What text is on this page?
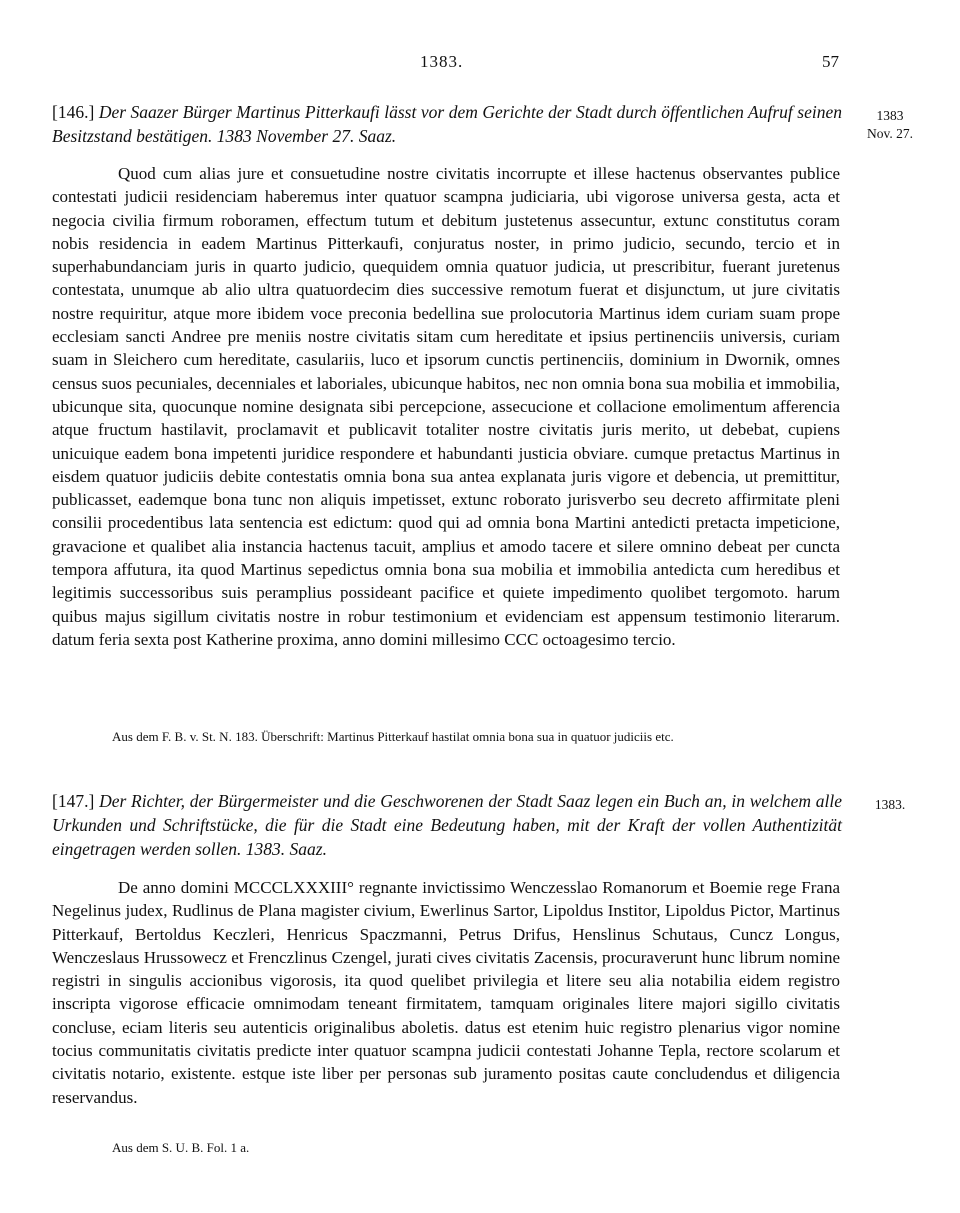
1383.	57
[146.] Der Saazer Bürger Martinus Pitterkaufi lässt vor dem Gerichte der Stadt durch öffentlichen Aufruf seinen Besitzstand bestätigen. 1383 November 27. Saaz.
1383
Nov. 27.
Quod cum alias jure et consuetudine nostre civitatis incorrupte et illese hactenus observantes publice contestati judicii residenciam haberemus inter quatuor scampna judiciaria, ubi vigorose universa gesta, acta et negocia civilia firmum roboramen, effectum tutum et debitum justetenus assecuntur, extunc constitutus coram nobis residencia in eadem Martinus Pitterkaufi, conjuratus noster, in primo judicio, secundo, tercio et in superhabundanciam juris in quarto judicio, quequidem omnia quatuor judicia, ut prescribitur, fuerant juretenus contestata, unumque ab alio ultra quatuordecim dies successive remotum fuerat et disjunctum, ut jure civitatis nostre requiritur, atque more ibidem voce preconia bedellina sue prolocutoria Martinus idem curiam suam prope ecclesiam sancti Andree pre meniis nostre civitatis sitam cum hereditate et ipsius pertinenciis universis, curiam suam in Sleichero cum hereditate, casulariis, luco et ipsorum cunctis pertinenciis, dominium in Dwornik, omnes census suos pecuniales, decenniales et laboriales, ubicunque habitos, nec non omnia bona sua mobilia et immobilia, ubicunque sita, quocunque nomine designata sibi percepcione, assecucione et collacione emolimentum afferencia atque fructum hastilavit, proclamavit et publicavit totaliter nostre civitatis juris merito, ut debebat, cupiens unicuique eadem bona impetenti juridice respondere et habundanti justicia obviare. cumque pretactus Martinus in eisdem quatuor judiciis debite contestatis omnia bona sua antea explanata juris vigore et debencia, ut premittitur, publicasset, eademque bona tunc non aliquis impetisset, extunc roborato jurisverbo seu decreto affirmitate pleni consilii procedentibus lata sentencia est edictum: quod qui ad omnia bona Martini antedicti pretacta impeticione, gravacione et qualibet alia instancia hactenus tacuit, amplius et amodo tacere et silere omnino debeat per cuncta tempora affutura, ita quod Martinus sepedictus omnia bona sua mobilia et immobilia antedicta cum heredibus et legitimis successoribus suis peramplius possideant pacifice et quiete impedimento quolibet tergomoto. harum quibus majus sigillum civitatis nostre in robur testimonium et evidenciam est appensum testimonio literarum. datum feria sexta post Katherine proxima, anno domini millesimo CCC octoagesimo tercio.
Aus dem F. B. v. St. N. 183. Überschrift: Martinus Pitterkauf hastilat omnia bona sua in quatuor judiciis etc.
[147.] Der Richter, der Bürgermeister und die Geschworenen der Stadt Saaz legen ein Buch an, in welchem alle Urkunden und Schriftstücke, die für die Stadt eine Bedeutung haben, mit der Kraft der vollen Authentizität eingetragen werden sollen. 1383. Saaz.
1383.
De anno domini MCCCLXXXIII° regnante invictissimo Wenczesslao Romanorum et Boemie rege Frana Negelinus judex, Rudlinus de Plana magister civium, Ewerlinus Sartor, Lipoldus Institor, Lipoldus Pictor, Martinus Pitterkauf, Bertoldus Keczleri, Henricus Spaczmanni, Petrus Drifus, Henslinus Schutaus, Cuncz Longus, Wenczeslaus Hrussowecz et Frenczlinus Czengel, jurati cives civitatis Zacensis, procuraverunt hunc librum nomine registri in singulis accionibus vigorosis, ita quod quelibet privilegia et litere seu alia notabilia eidem registro inscripta vigorose efficacie omnimodam teneant firmitatem, tamquam originales litere majori sigillo civitatis concluse, eciam literis seu autenticis originalibus aboletis. datus est etenim huic registro plenarius vigor nomine tocius communitatis civitatis predicte inter quatuor scampna judicii contestati Johanne Tepla, rectore scolarum et civitatis notario, existente. estque iste liber per personas sub juramento positas caute concludendus et diligencia reservandus.
Aus dem S. U. B. Fol. 1 a.
